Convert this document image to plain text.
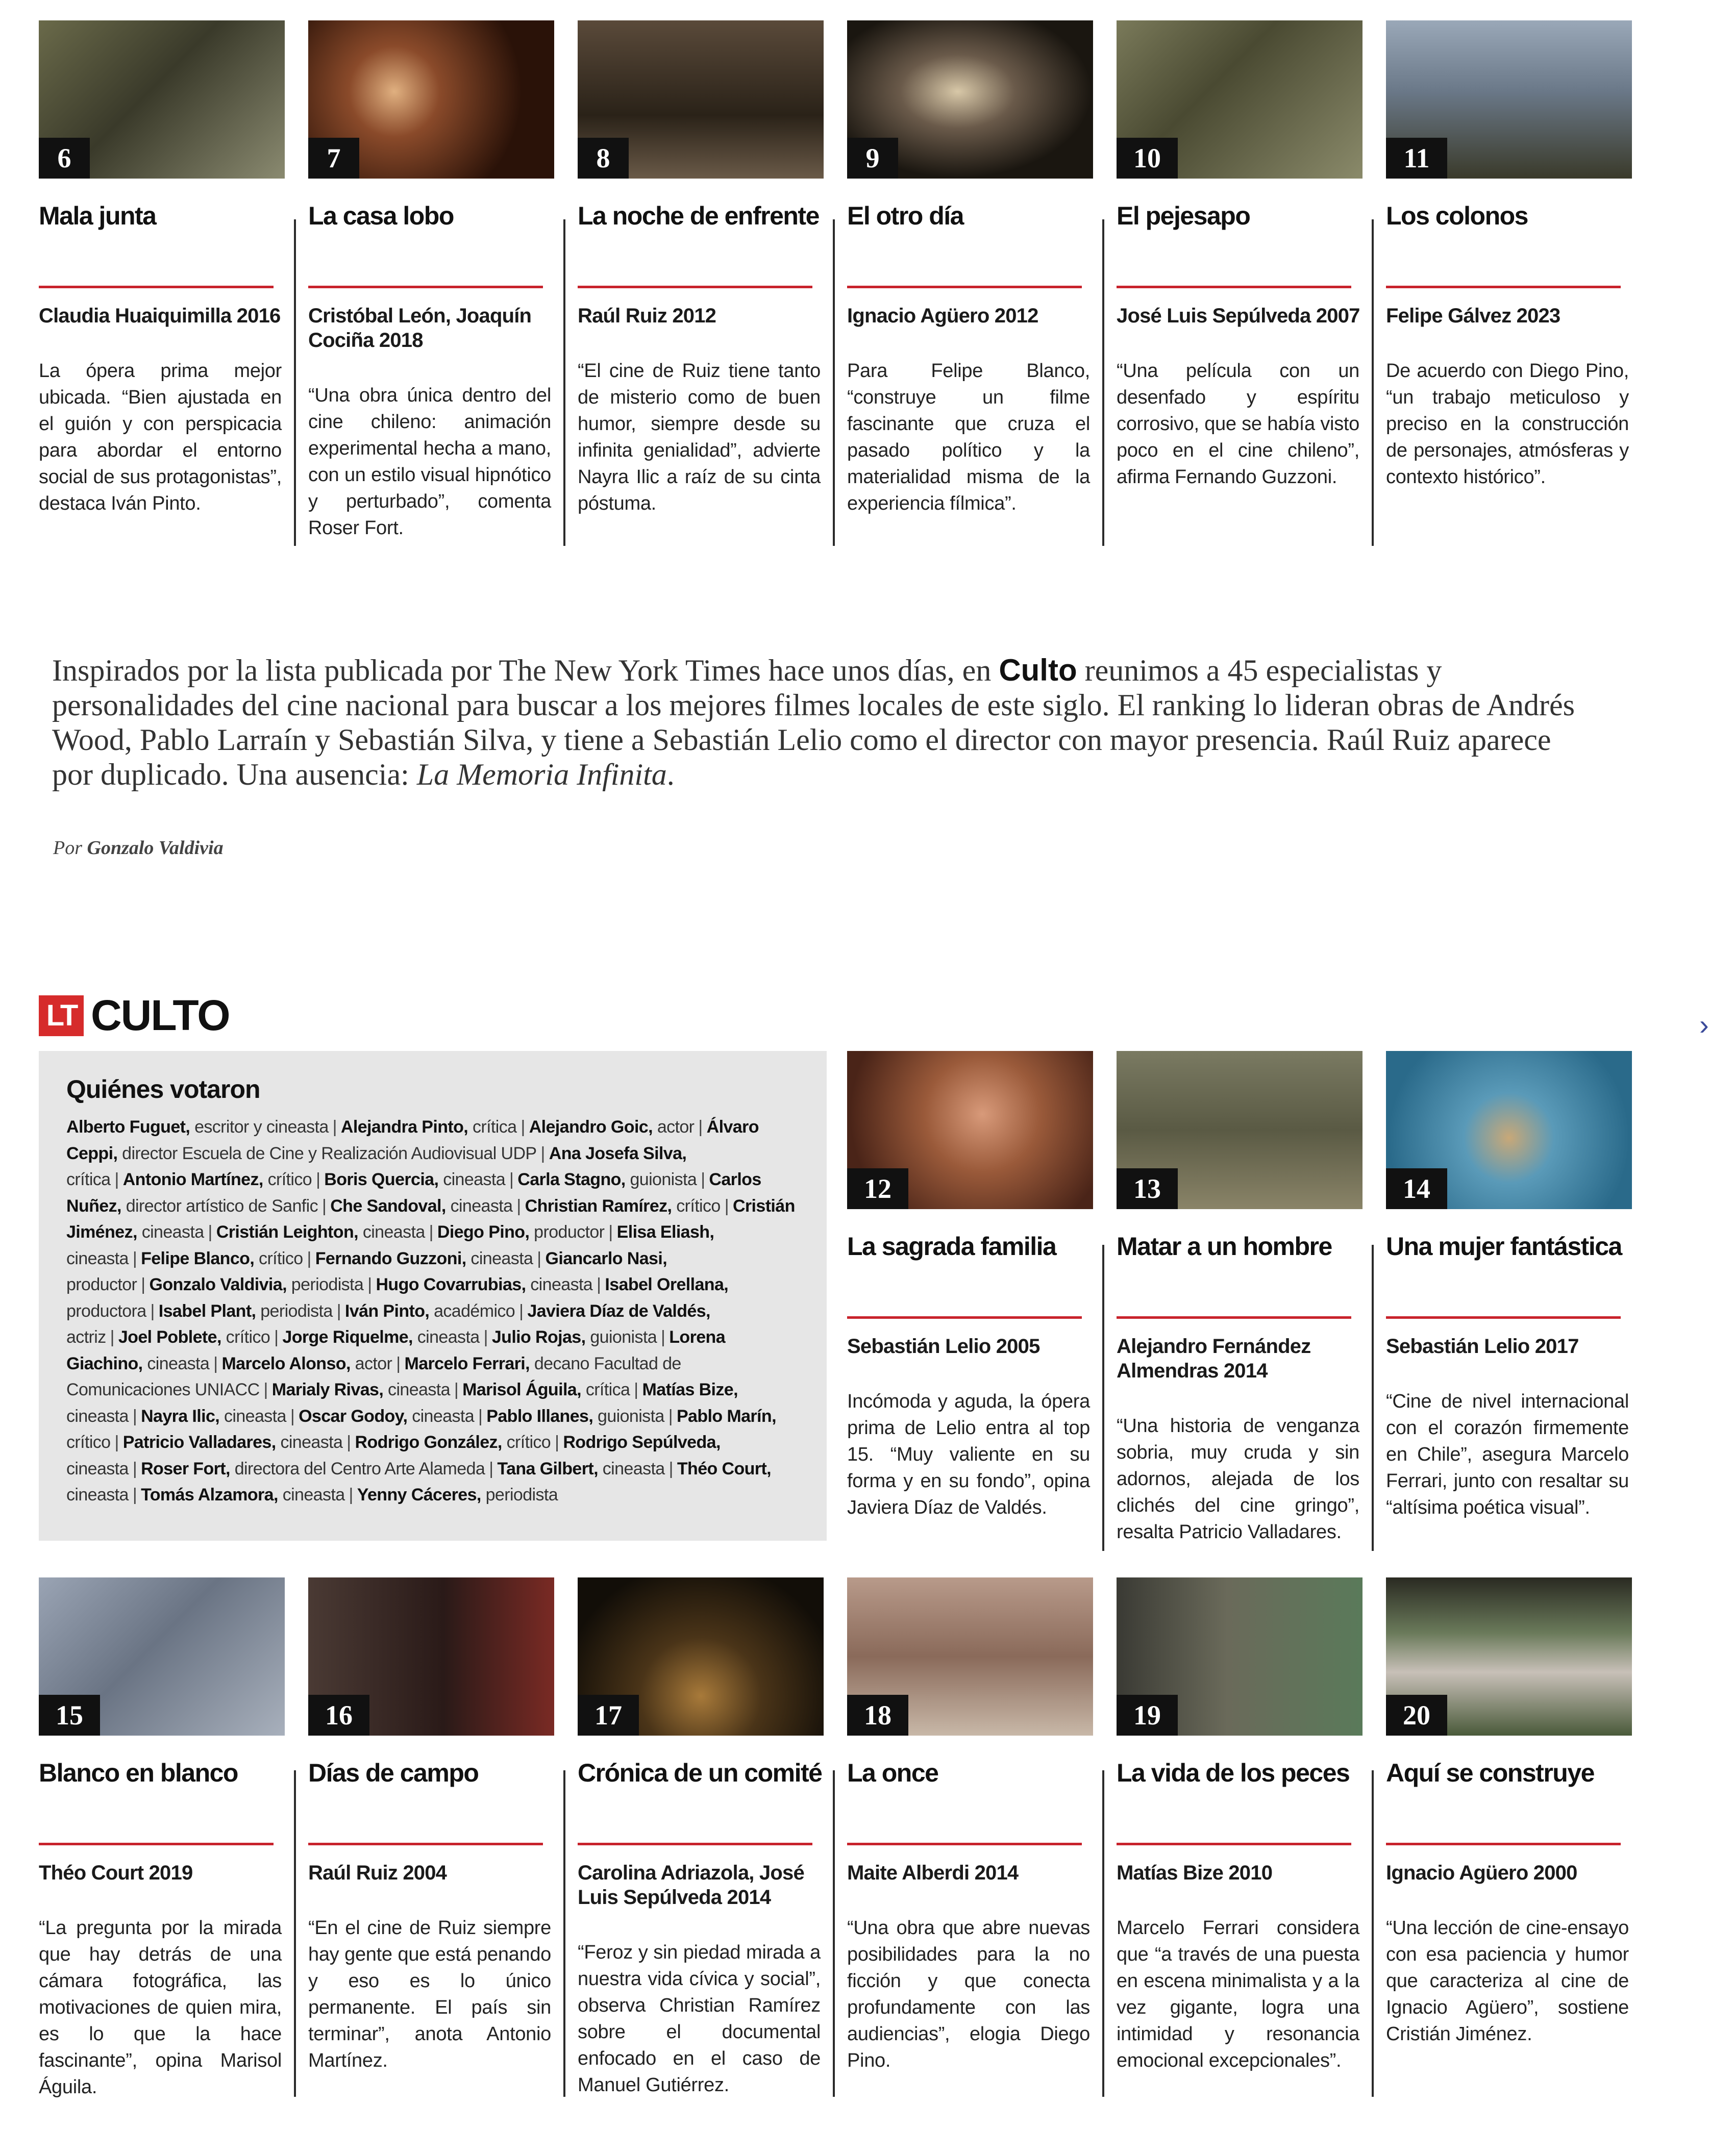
6
Mala junta
Claudia Huaiquimilla 2016
La ópera prima mejor ubicada. “Bien ajustada en el guión y con perspicacia para abordar el entorno social de sus protagonistas”, destaca Iván Pinto.
7
La casa lobo
Cristóbal León, Joaquín Cociña 2018
“Una obra única dentro del cine chileno: animación experimental hecha a mano, con un estilo visual hipnótico y perturbado”, comenta Roser Fort.
8
La noche de enfrente
Raúl Ruiz 2012
“El cine de Ruiz tiene tanto de misterio como de buen humor, siempre desde su infinita genialidad”, advierte Nayra Ilic a raíz de su cinta póstuma.
9
El otro día
Ignacio Agüero 2012
Para Felipe Blanco, “construye un filme fascinante que cruza el pasado político y la materialidad misma de la experiencia fílmica”.
10
El pejesapo
José Luis Sepúlveda 2007
“Una película con un desenfado y espíritu corrosivo, que se había visto poco en el cine chileno”, afirma Fernando Guzzoni.
11
Los colonos
Felipe Gálvez 2023
De acuerdo con Diego Pino, “un trabajo meticuloso y preciso en la construcción de personajes, atmósferas y contexto histórico”.
Inspirados por la lista publicada por The New York Times hace unos días, en Culto reunimos a 45 especialistas y personalidades del cine nacional para buscar a los mejores filmes locales de este siglo. El ranking lo lideran obras de Andrés Wood, Pablo Larraín y Sebastián Silva, y tiene a Sebastián Lelio como el director con mayor presencia. Raúl Ruiz aparece por duplicado. Una ausencia: La Memoria Infinita.
Por Gonzalo Valdivia
LT CULTO	›
Quiénes votaron
Alberto Fuguet, escritor y cineasta | Alejandra Pinto, crítica | Alejandro Goic, actor | Álvaro Ceppi, director Escuela de Cine y Realización Audiovisual UDP | Ana Josefa Silva, crítica | Antonio Martínez, crítico | Boris Quercia, cineasta | Carla Stagno, guionista | Carlos Nuñez, director artístico de Sanfic | Che Sandoval, cineasta | Christian Ramírez, crítico | Cristián Jiménez, cineasta | Cristián Leighton, cineasta | Diego Pino, productor | Elisa Eliash, cineasta | Felipe Blanco, crítico | Fernando Guzzoni, cineasta | Giancarlo Nasi, productor | Gonzalo Valdivia, periodista | Hugo Covarrubias, cineasta | Isabel Orellana, productora | Isabel Plant, periodista | Iván Pinto, académico | Javiera Díaz de Valdés, actriz | Joel Poblete, crítico | Jorge Riquelme, cineasta | Julio Rojas, guionista | Lorena Giachino, cineasta | Marcelo Alonso, actor | Marcelo Ferrari, decano Facultad de Comunicaciones UNIACC | Marialy Rivas, cineasta | Marisol Águila, crítica | Matías Bize, cineasta | Nayra Ilic, cineasta | Oscar Godoy, cineasta | Pablo Illanes, guionista | Pablo Marín, crítico | Patricio Valladares, cineasta | Rodrigo González, crítico | Rodrigo Sepúlveda, cineasta | Roser Fort, directora del Centro Arte Alameda | Tana Gilbert, cineasta | Théo Court, cineasta | Tomás Alzamora, cineasta | Yenny Cáceres, periodista
12
La sagrada familia
Sebastián Lelio 2005
Incómoda y aguda, la ópera prima de Lelio entra al top 15. “Muy valiente en su forma y en su fondo”, opina Javiera Díaz de Valdés.
13
Matar a un hombre
Alejandro Fernández Almendras 2014
“Una historia de venganza sobria, muy cruda y sin adornos, alejada de los clichés del cine gringo”, resalta Patricio Valladares.
14
Una mujer fantástica
Sebastián Lelio 2017
“Cine de nivel internacional con el corazón firmemente en Chile”, asegura Marcelo Ferrari, junto con resaltar su “altísima poética visual”.
15
Blanco en blanco
Théo Court 2019
“La pregunta por la mirada que hay detrás de una cámara fotográfica, las motivaciones de quien mira, es lo que la hace fascinante”, opina Marisol Águila.
16
Días de campo
Raúl Ruiz 2004
“En el cine de Ruiz siempre hay gente que está penando y eso es lo único permanente. El país sin terminar”, anota Antonio Martínez.
17
Crónica de un comité
Carolina Adriazola, José Luis Sepúlveda 2014
“Feroz y sin piedad mirada a nuestra vida cívica y social”, observa Christian Ramírez sobre el documental enfocado en el caso de Manuel Gutiérrez.
18
La once
Maite Alberdi 2014
“Una obra que abre nuevas posibilidades para la no ficción y que conecta profundamente con las audiencias”, elogia Diego Pino.
19
La vida de los peces
Matías Bize 2010
Marcelo Ferrari considera que “a través de una puesta en escena minimalista y a la vez gigante, logra una intimidad y resonancia emocional excepcionales”.
20
Aquí se construye
Ignacio Agüero 2000
“Una lección de cine-ensayo con esa paciencia y humor que caracteriza al cine de Ignacio Agüero”, sostiene Cristián Jiménez.
